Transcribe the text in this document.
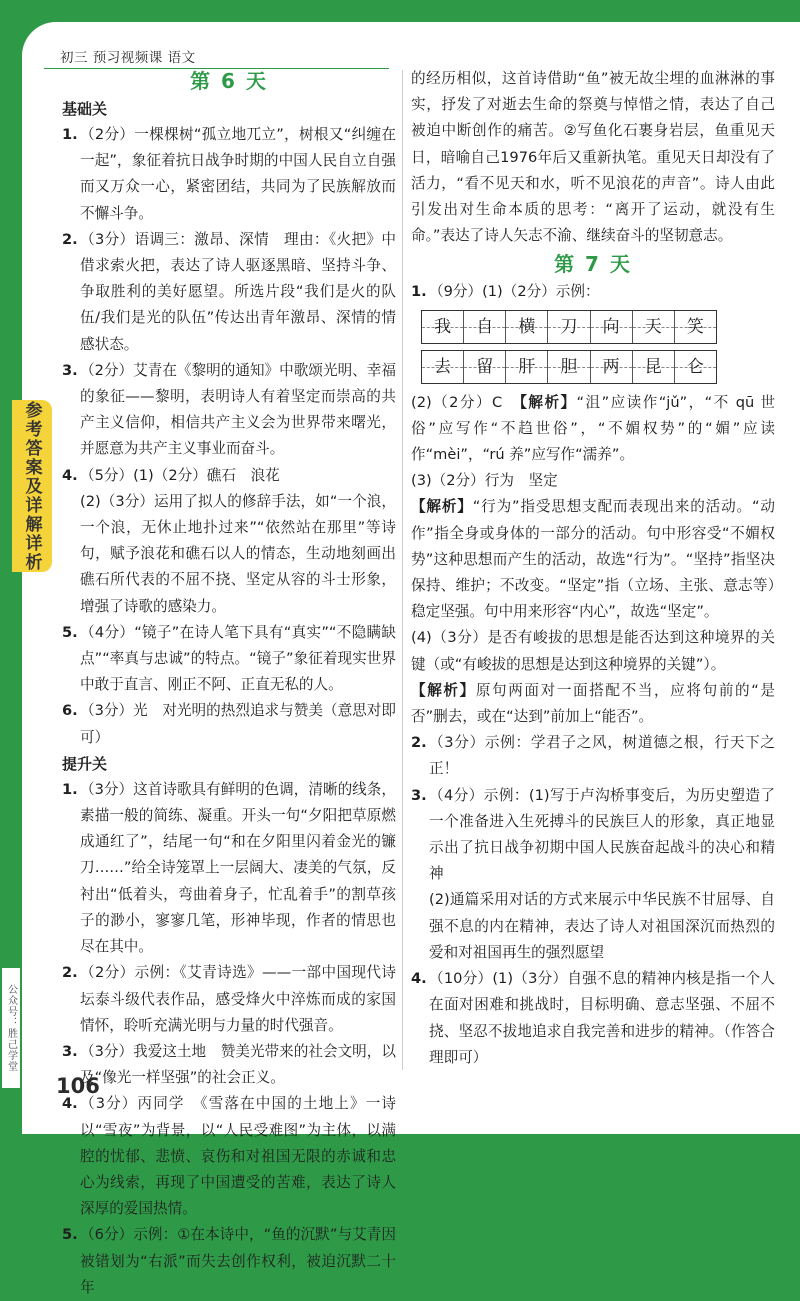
初三 预习视频课 语文
参考答案及详解详析
公众号：胜己学堂
第 6 天
基础关
1. （2分）一棵棵树“孤立地兀立”，树根又“纠缠在一起”，象征着抗日战争时期的中国人民自立自强而又万众一心，紧密团结，共同为了民族解放而不懈斗争。
2. （3分）语调三：激昂、深情　理由：《火把》中借求索火把，表达了诗人驱逐黑暗、坚持斗争、争取胜利的美好愿望。所选片段“我们是火的队伍/我们是光的队伍”传达出青年激昂、深情的情感状态。
3. （2分）艾青在《黎明的通知》中歌颂光明、幸福的象征——黎明，表明诗人有着坚定而崇高的共产主义信仰，相信共产主义会为世界带来曙光，并愿意为共产主义事业而奋斗。
4. （5分）(1)（2分）礁石　浪花
(2)（3分）运用了拟人的修辞手法，如“一个浪，一个浪，无休止地扑过来”“依然站在那里”等诗句，赋予浪花和礁石以人的情态，生动地刻画出礁石所代表的不屈不挠、坚定从容的斗士形象，增强了诗歌的感染力。
5. （4分）“镜子”在诗人笔下具有“真实”“不隐瞒缺点”“率真与忠诚”的特点。“镜子”象征着现实世界中敢于直言、刚正不阿、正直无私的人。
6. （3分）光　对光明的热烈追求与赞美（意思对即可）
提升关
1. （3分）这首诗歌具有鲜明的色调，清晰的线条，素描一般的简练、凝重。开头一句“夕阳把草原燃成通红了”，结尾一句“和在夕阳里闪着金光的镰刀……”给全诗笼罩上一层阔大、凄美的气氛，反衬出“低着头，弯曲着身子，忙乱着手”的割草孩子的渺小，寥寥几笔，形神毕现，作者的情思也尽在其中。
2. （2分）示例：《艾青诗选》——一部中国现代诗坛泰斗级代表作品，感受烽火中淬炼而成的家国情怀，聆听充满光明与力量的时代强音。
3. （3分）我爱这土地　赞美光带来的社会文明，以及“像光一样坚强”的社会正义。
4. （3分）丙同学　《雪落在中国的土地上》一诗以“雪夜”为背景，以“人民受难图”为主体，以满腔的忧郁、悲愤、哀伤和对祖国无限的赤诚和忠心为线索，再现了中国遭受的苦难，表达了诗人深厚的爱国热情。
5. （6分）示例：①在本诗中，“鱼的沉默”与艾青因被错划为“右派”而失去创作权利，被迫沉默二十年
的经历相似，这首诗借助“鱼”被无故尘埋的血淋淋的事实，抒发了对逝去生命的祭奠与悼惜之情，表达了自己被迫中断创作的痛苦。②写鱼化石裹身岩层，鱼重见天日，暗喻自己1976年后又重新执笔。重见天日却没有了活力，“看不见天和水，听不见浪花的声音”。诗人由此引发出对生命本质的思考：“离开了运动，就没有生命。”表达了诗人矢志不渝、继续奋斗的坚韧意志。
第 7 天
1. （9分）(1)（2分）示例：
我 自 横 刀 向 天 笑
去 留 肝 胆 两 昆 仑
(2)（2分）C　【解析】“沮”应读作“jǔ”，“不 qū 世俗”应写作“不趋世俗”，“不媚权势”的“媚”应读作“mèi”，“rú 养”应写作“濡养”。
(3)（2分）行为　坚定
【解析】“行为”指受思想支配而表现出来的活动。“动作”指全身或身体的一部分的活动。句中形容受“不媚权势”这种思想而产生的活动，故选“行为”。“坚持”指坚决保持、维护；不改变。“坚定”指（立场、主张、意志等）稳定坚强。句中用来形容“内心”，故选“坚定”。
(4)（3分）是否有峻拔的思想是能否达到这种境界的关键（或“有峻拔的思想是达到这种境界的关键”）。
【解析】原句两面对一面搭配不当，应将句前的“是否”删去，或在“达到”前加上“能否”。
2. （3分）示例：学君子之风，树道德之根，行天下之正！
3. （4分）示例：(1)写于卢沟桥事变后，为历史塑造了一个准备进入生死搏斗的民族巨人的形象，真正地显示出了抗日战争初期中国人民族奋起战斗的决心和精神
(2)通篇采用对话的方式来展示中华民族不甘屈辱、自强不息的内在精神，表达了诗人对祖国深沉而热烈的爱和对祖国再生的强烈愿望
4. （10分）(1)（3分）自强不息的精神内核是指一个人在面对困难和挑战时，目标明确、意志坚强、不屈不挠、坚忍不拔地追求自我完善和进步的精神。（作答合理即可）
106
